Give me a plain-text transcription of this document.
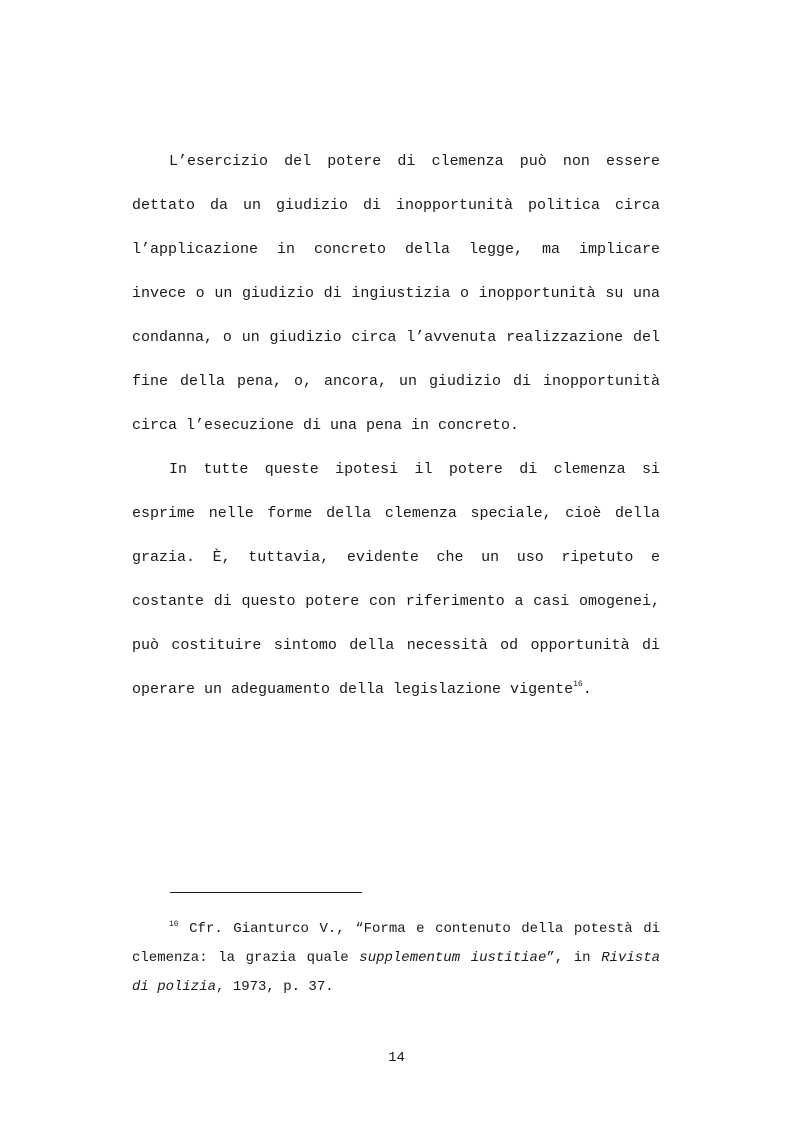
L’esercizio del potere di clemenza può non essere dettato da un giudizio di inopportunità politica circa l’applicazione in concreto della legge, ma implicare invece o un giudizio di ingiustizia o inopportunità su una condanna, o un giudizio circa l’avvenuta realizzazione del fine della pena, o, ancora, un giudizio di inopportunità circa l’esecuzione di una pena in concreto.

In tutte queste ipotesi il potere di clemenza si esprime nelle forme della clemenza speciale, cioè della grazia. È, tuttavia, evidente che un uso ripetuto e costante di questo potere con riferimento a casi omogenei, può costituire sintomo della necessità od opportunità di operare un adeguamento della legislazione vigente$^{16}$.

$^{16}$ Cfr. Gianturco V., “Forma e contenuto della potestà di clemenza: la grazia quale supplementum iustitiae”, in Rivista di polizia, 1973, p. 37.

14
